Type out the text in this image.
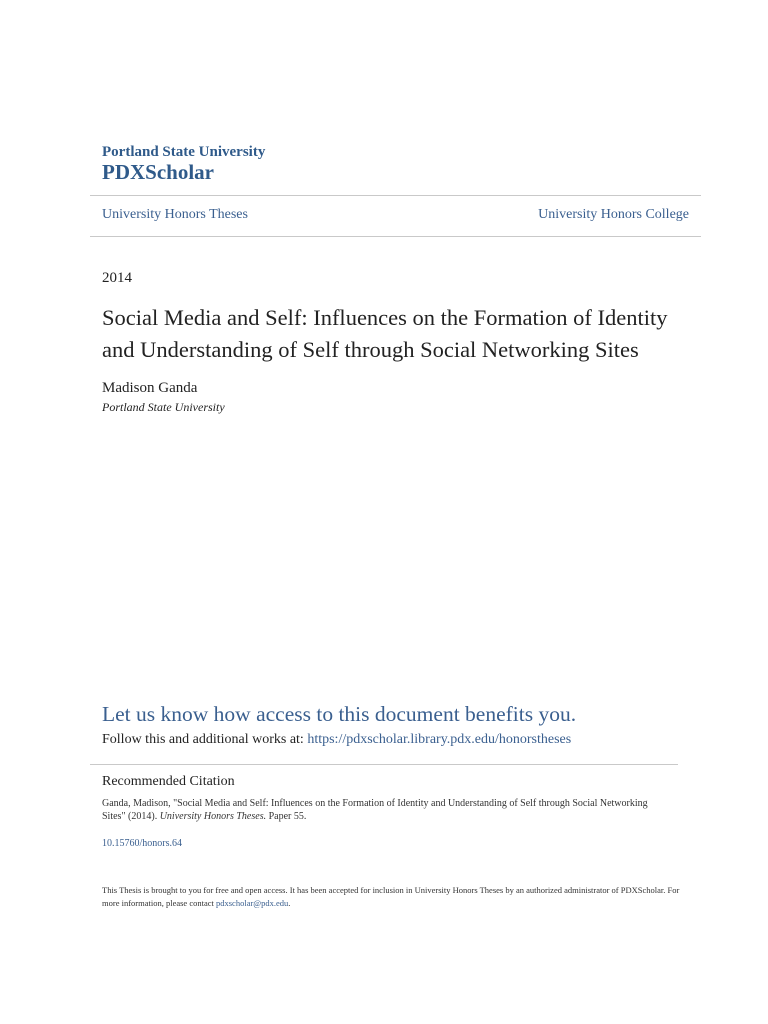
Portland State University
PDXScholar
University Honors Theses	University Honors College
2014
Social Media and Self: Influences on the Formation of Identity and Understanding of Self through Social Networking Sites
Madison Ganda
Portland State University
Let us know how access to this document benefits you.
Follow this and additional works at: https://pdxscholar.library.pdx.edu/honorstheses
Recommended Citation
Ganda, Madison, "Social Media and Self: Influences on the Formation of Identity and Understanding of Self through Social Networking Sites" (2014). University Honors Theses. Paper 55.
10.15760/honors.64
This Thesis is brought to you for free and open access. It has been accepted for inclusion in University Honors Theses by an authorized administrator of PDXScholar. For more information, please contact pdxscholar@pdx.edu.
